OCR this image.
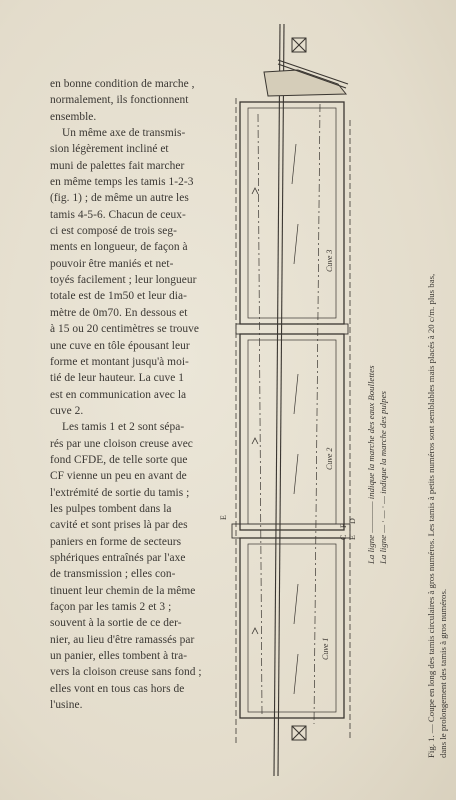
en bonne condition de marche ,
normalement, ils fonctionnent
ensemble.
Un même axe de transmis-
sion légèrement incliné et
muni de palettes fait marcher
en même temps les tamis 1-2-3
(fig. 1) ; de même un autre les
tamis 4-5-6. Chacun de ceux-
ci est composé de trois seg-
ments en longueur, de façon à
pouvoir être maniés et net-
toyés facilement ; leur longueur
totale est de 1m50 et leur dia-
mètre de 0m70. En dessous et
à 15 ou 20 centimètres se trouve
une cuve en tôle épousant leur
forme et montant jusqu'à moi-
tié de leur hauteur. La cuve 1
est en communication avec la
cuve 2.
Les tamis 1 et 2 sont sépa-
rés par une cloison creuse avec
fond CFDE, de telle sorte que
CF vienne un peu en avant de
l'extrémité de sortie du tamis ;
les pulpes tombent dans la
cavité et sont prises là par des
paniers en forme de secteurs
sphériques entraînés par l'axe
de transmission ; elles con-
tinuent leur chemin de la même
façon par les tamis 2 et 3 ;
souvent à la sortie de ce der-
nier, au lieu d'être ramassés par
un panier, elles tombent à tra-
vers la cloison creuse sans fond ;
elles vont en tous cas hors de
l'usine.
Cuve 3
Cuve 2
Cuve 1
C
F
D
E
E	La ligne ———— indique la marche des eaux Boullettes La ligne — · — · — indique la marche des pulpes	Fig. 1. — Coupe en long des tamis circulaires à gros numéros. Les tamis à petits numéros sont semblables mais placés à 20 c/m. plus bas, dans le prolongement des tamis à gros numéros.
